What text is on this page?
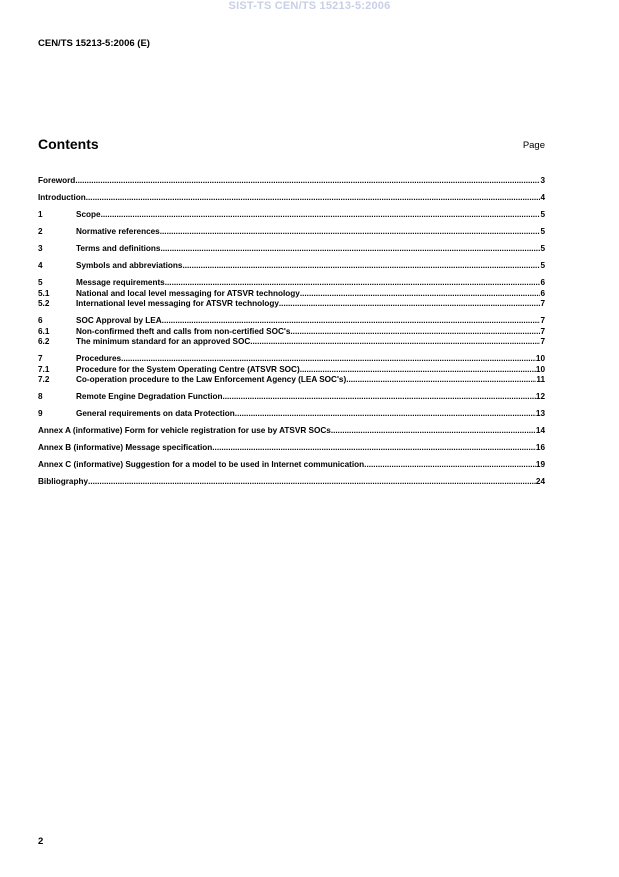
SIST-TS CEN/TS 15213-5:2006
CEN/TS 15213-5:2006 (E)
Contents	Page
Foreword .....	3
Introduction .....	4
1	Scope .....	5
2	Normative references .....	5
3	Terms and definitions .....	5
4	Symbols and abbreviations .....	5
5	Message requirements. .....	6
5.1	National and local level messaging for ATSVR technology .....	6
5.2	International level messaging for ATSVR technology .....	7
6	SOC Approval by LEA. .....	7
6.1	Non-confirmed theft and calls from non-certified SOC's .....	7
6.2	The minimum standard for an approved SOC .....	7
7	Procedures .....	10
7.1	Procedure for the System Operating Centre (ATSVR SOC) .....	10
7.2	Co-operation procedure to the Law Enforcement Agency (LEA SOC's) .....	11
8	Remote Engine Degradation Function .....	12
9	General requirements on data Protection .....	13
Annex A (informative) Form for vehicle registration for use by ATSVR SOCs .....	14
Annex B (informative) Message specification .....	16
Annex C (informative) Suggestion for a model to be used in Internet communication .....	19
Bibliography .....	24
2
